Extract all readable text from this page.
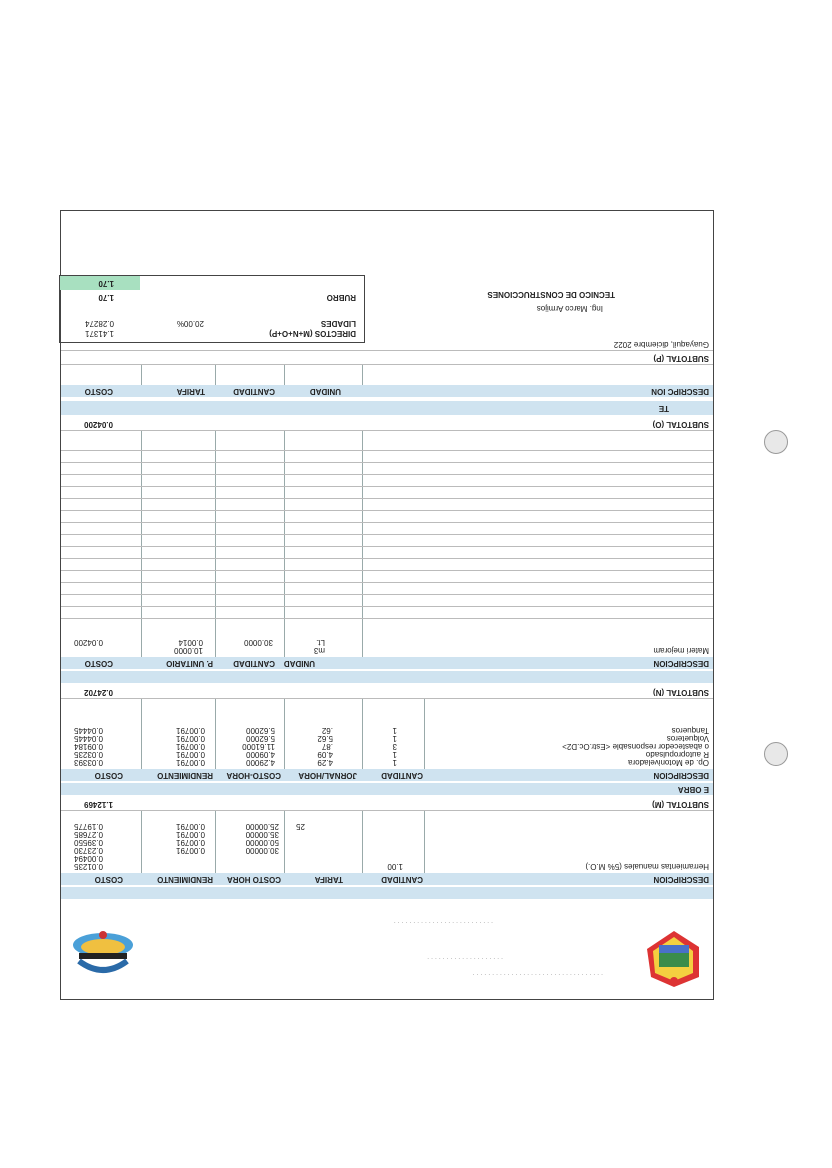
. . . . . . . . . . . . . . . . . . . . . . . . . . . . . . . . . .
. . . . . . . . . . . . . . . . . . . .
. . . . . . . . . . . . . . . . . . . . . . . . . .
DESCRIPCION
CANTIDAD
TARIFA
COSTO HORA
RENDIMIENTO
COSTO
Herramientas manuales (5% M.O.)
1.00
0.01235
0.00494
30.00000
0.00791
0.23730
50.00000
0.00791
0.39550
35.00000
0.00791
0.27685
25
25.00000
0.00791
0.19775
SUBTOTAL (M)
1.12469
E OBRA
DESCRIPCION
CANTIDAD
JORNAL/HORA
COSTO-HORA
RENDIMIENTO
COSTO
Op. de Motoniveladora
1
4.29
4.29000
0.00791
0.03393
R autopropulsado
1
4.09
4.09000
0.00791
0.03235
o abastecedor responsable <Estr.Oc.D2>
3
.87
11.61000
0.00791
0.09184
Volqueteros
1
5.62
5.62000
0.00791
0.04445
Tanqueros
1
.62
5.62000
0.00791
0.04445
SUBTOTAL (N)
0.24702
DESCRIPCION
UNIDAD
CANTIDAD
P. UNITARIO
COSTO
Materi mejoram
m3
10.0000
Lt.
30.0000
0.0014
0.04200
SUBTOTAL (O)
0.04200
TE
DESCRIPC ION
UNIDAD
CANTIDAD
TARIFA
COSTO
SUBTOTAL (P)
Guayaquil, diciembre 2022
Ing. Marco Armijos
TECNICO DE CONSTRUCCIONES
DIRECTOS (M+N+O+P)
1.41371
LIDADES
20.00%
0.28274
RUBRO
1.70
1.70
